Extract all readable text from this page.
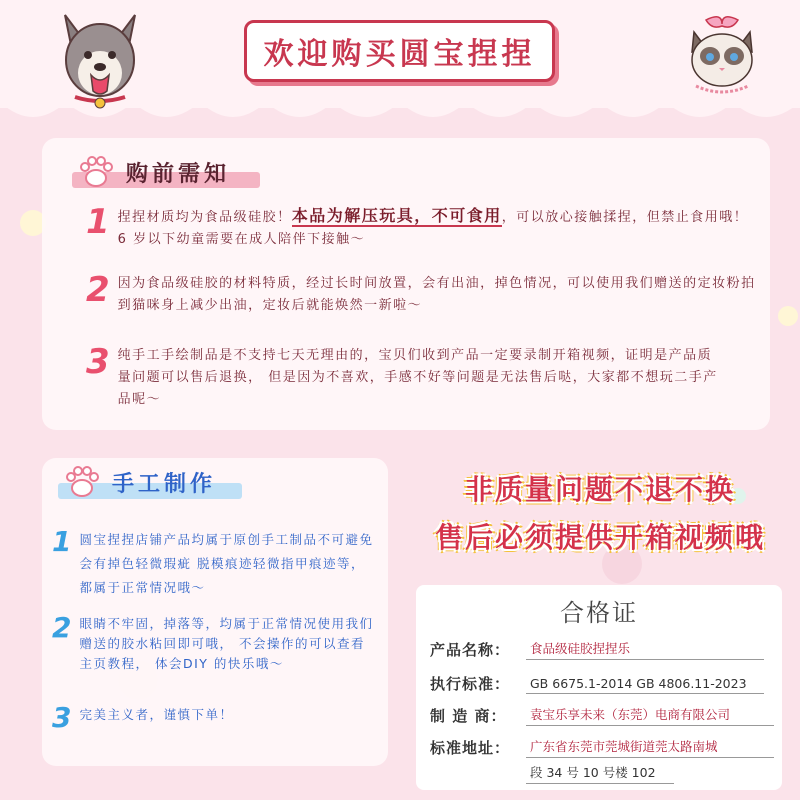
欢迎购买圆宝捏捏
购前需知
1 捏捏材质均为食品级硅胶！本品为解压玩具，不可食用，可以放心接触揉捏，但禁止食用哦！ 6 岁以下幼童需要在成人陪伴下接触～
2 因为食品级硅胶的材料特质，经过长时间放置，会有出油，掉色情况，可以使用我们赠送的定妆粉拍到猫咪身上减少出油，定妆后就能焕然一新啦～
3 纯手工手绘制品是不支持七天无理由的，宝贝们收到产品一定要录制开箱视频，证明是产品质量问题可以售后退换， 但是因为不喜欢，手感不好等问题是无法售后哒，大家都不想玩二手产品呢～
手工制作
1 圆宝捏捏店铺产品均属于原创手工制品不可避免会有掉色轻微瑕疵 脱模痕迹轻微指甲痕迹等，都属于正常情况哦～
2 眼睛不牢固，掉落等，均属于正常情况使用我们赠送的胶水粘回即可哦， 不会操作的可以查看主页教程， 体会DIY 的快乐哦～
3 完美主义者，谨慎下单！
非质量问题不退不换
售后必须提供开箱视频哦
合格证
产品名称：	食品级硅胶捏捏乐
执行标准：	GB 6675.1-2014 GB 4806.11-2023
制 造 商：	袁宝乐享未来（东莞）电商有限公司
标准地址：	广东省东莞市莞城街道莞太路南城
段 34 号 10 号楼 102
